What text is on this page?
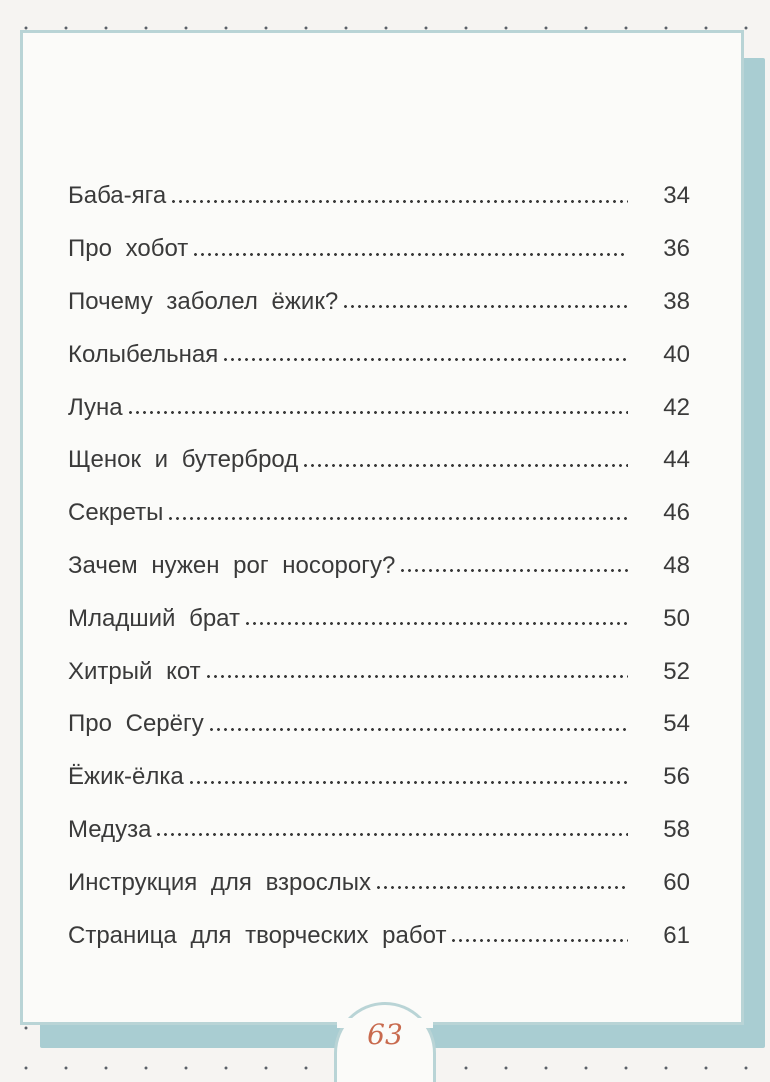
Баба-яга	34
Про хобот	36
Почему заболел ёжик?	38
Колыбельная	40
Луна	42
Щенок и бутерброд	44
Секреты	46
Зачем нужен рог носорогу?	48
Младший брат	50
Хитрый кот	52
Про Серёгу	54
Ёжик-ёлка	56
Медуза	58
Инструкция для взрослых	60
Страница для творческих работ	61
63
